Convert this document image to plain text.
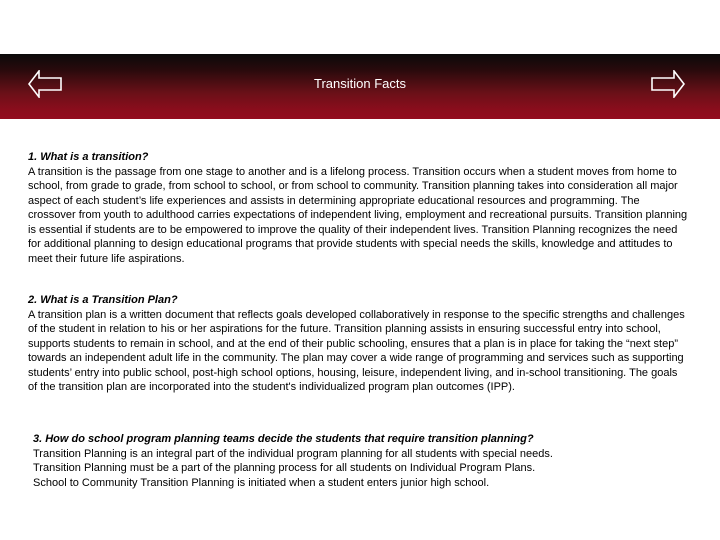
Transition Facts
1. What is a transition?
A transition is the passage from one stage to another and is a lifelong process. Transition occurs when a student moves from home to school, from grade to grade, from school to school, or from school to community. Transition planning takes into consideration all major aspect of each student’s life experiences and assists in determining appropriate educational resources and programming. The crossover from youth to adulthood carries expectations of independent living, employment and recreational pursuits. Transition planning is essential if students are to be empowered to improve the quality of their independent lives. Transition Planning recognizes the need for additional planning to design educational programs that provide students with special needs the skills, knowledge and attitudes to meet their future life aspirations.
2. What is a Transition Plan?
A transition plan is a written document that reflects goals developed collaboratively in response to the specific strengths and challenges of the student in relation to his or her aspirations for the future. Transition planning assists in ensuring successful entry into school, supports students to remain in school, and at the end of their public schooling, ensures that a plan is in place for taking the “next step” towards an independent adult life in the community. The plan may cover a wide range of programming and services such as supporting students’ entry into public school, post-high school options, housing, leisure, independent living, and in-school transitioning. The goals of the transition plan are incorporated into the student's individualized program plan outcomes (IPP).
3. How do school program planning teams decide the students that require transition planning?
Transition Planning is an integral part of the individual program planning for all students with special needs.
Transition Planning must be a part of the planning process for all students on Individual Program Plans.
School to Community Transition Planning is initiated when a student enters junior high school.
